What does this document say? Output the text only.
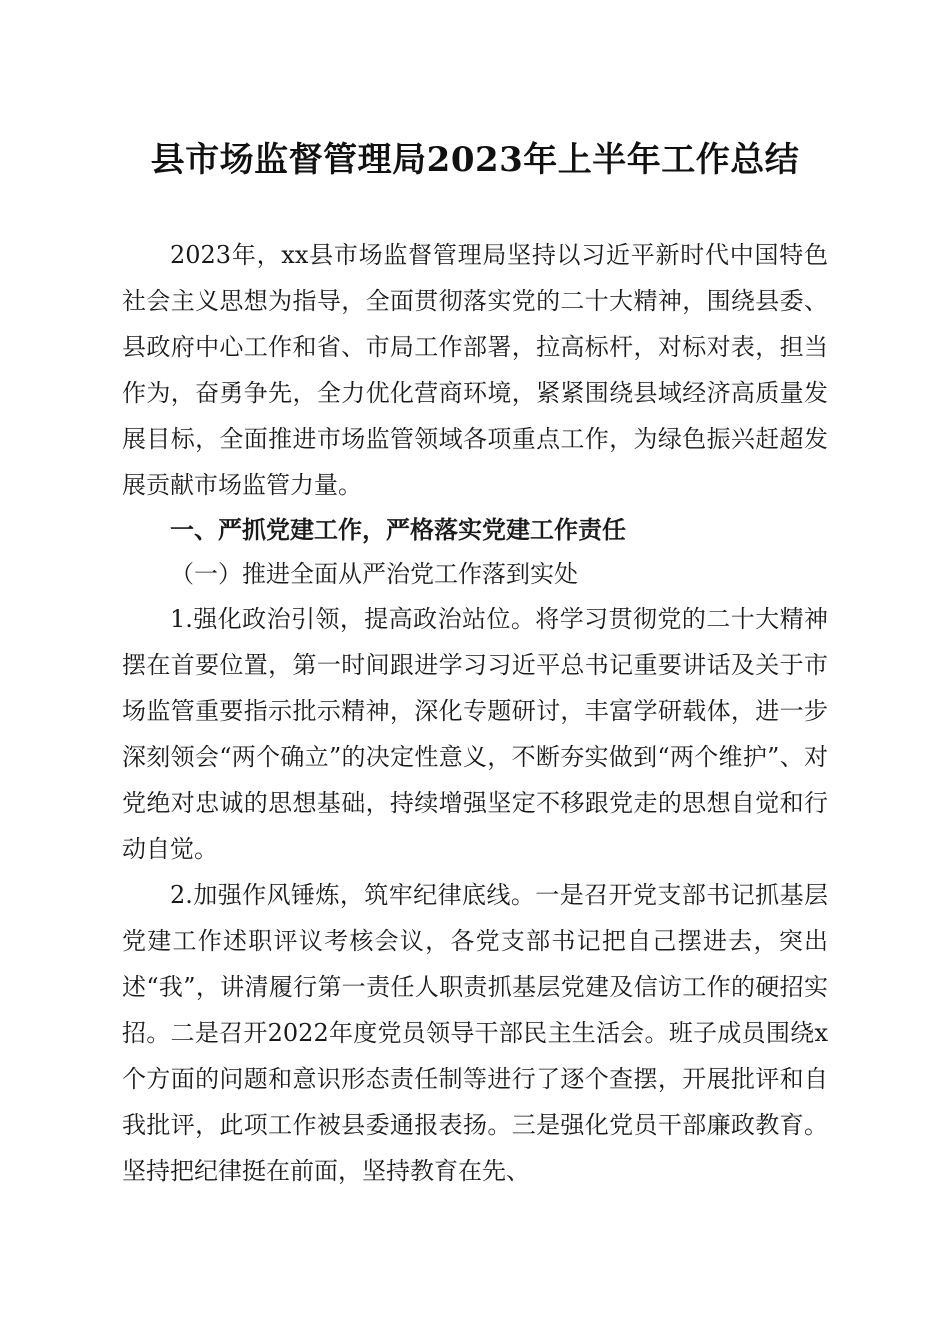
县市场监督管理局2023年上半年工作总结

2023年，xx县市场监督管理局坚持以习近平新时代中国特色社会主义思想为指导，全面贯彻落实党的二十大精神，围绕县委、县政府中心工作和省、市局工作部署，拉高标杆，对标对表，担当作为，奋勇争先，全力优化营商环境，紧紧围绕县域经济高质量发展目标，全面推进市场监管领域各项重点工作，为绿色振兴赶超发展贡献市场监管力量。

一、严抓党建工作，严格落实党建工作责任

（一）推进全面从严治党工作落到实处

1.强化政治引领，提高政治站位。将学习贯彻党的二十大精神摆在首要位置，第一时间跟进学习习近平总书记重要讲话及关于市场监管重要指示批示精神，深化专题研讨，丰富学研载体，进一步深刻领会“两个确立”的决定性意义，不断夯实做到“两个维护”、对党绝对忠诚的思想基础，持续增强坚定不移跟党走的思想自觉和行动自觉。

2.加强作风锤炼，筑牢纪律底线。一是召开党支部书记抓基层党建工作述职评议考核会议，各党支部书记把自己摆进去，突出述“我”，讲清履行第一责任人职责抓基层党建及信访工作的硬招实招。二是召开2022年度党员领导干部民主生活会。班子成员围绕x个方面的问题和意识形态责任制等进行了逐个查摆，开展批评和自我批评，此项工作被县委通报表扬。三是强化党员干部廉政教育。坚持把纪律挺在前面，坚持教育在先、
